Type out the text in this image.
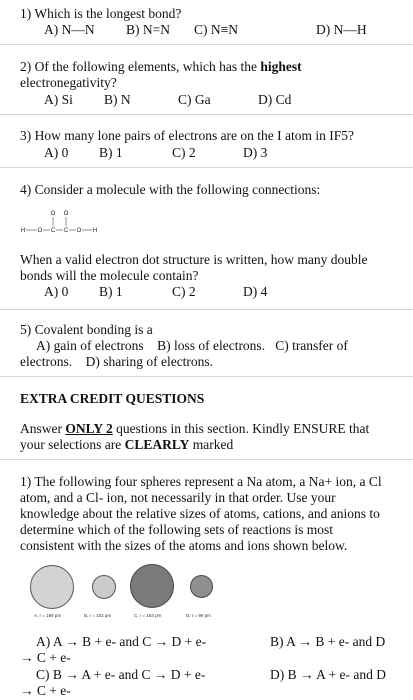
1) Which is the longest bond?
A) N—N B) N=N C) N≡N	D) N—H
2) Of the following elements, which has the highest
electronegativity?
A) Si B) N	C) Ga	D) Cd
3) How many lone pairs of electrons are on the I atom in IF5?
A) 0 B) 1	C) 2	D) 3
4) Consider a molecule with the following connections:
H O C C O H
O O
When a valid electron dot structure is written, how many double
bonds will the molecule contain?
A) 0 B) 1	C) 2	D) 4
5) Covalent bonding is a
A) gain of electrons    B) loss of electrons.   C) transfer of
electrons.    D) sharing of electrons.
EXTRA CREDIT QUESTIONS
Answer ONLY 2 questions in this section. Kindly ENSURE that
your selections are CLEARLY marked
1) The following four spheres represent a Na atom, a Na+ ion, a Cl
atom, and a Cl- ion, not necessarily in that order. Use your
knowledge about the relative sizes of atoms, cations, and anions to
determine which of the following sets of reactions is most
consistent with the sizes of the atoms and ions shown below.
A, r = 186 pm	B, r = 102 pm	C, r = 184 pm	D, r = 99 pm
A) A → B + e- and C → D + e-	B) A → B + e- and D
→ C + e-
C) B → A + e- and C → D + e-	D) B → A + e- and D
→ C + e-
